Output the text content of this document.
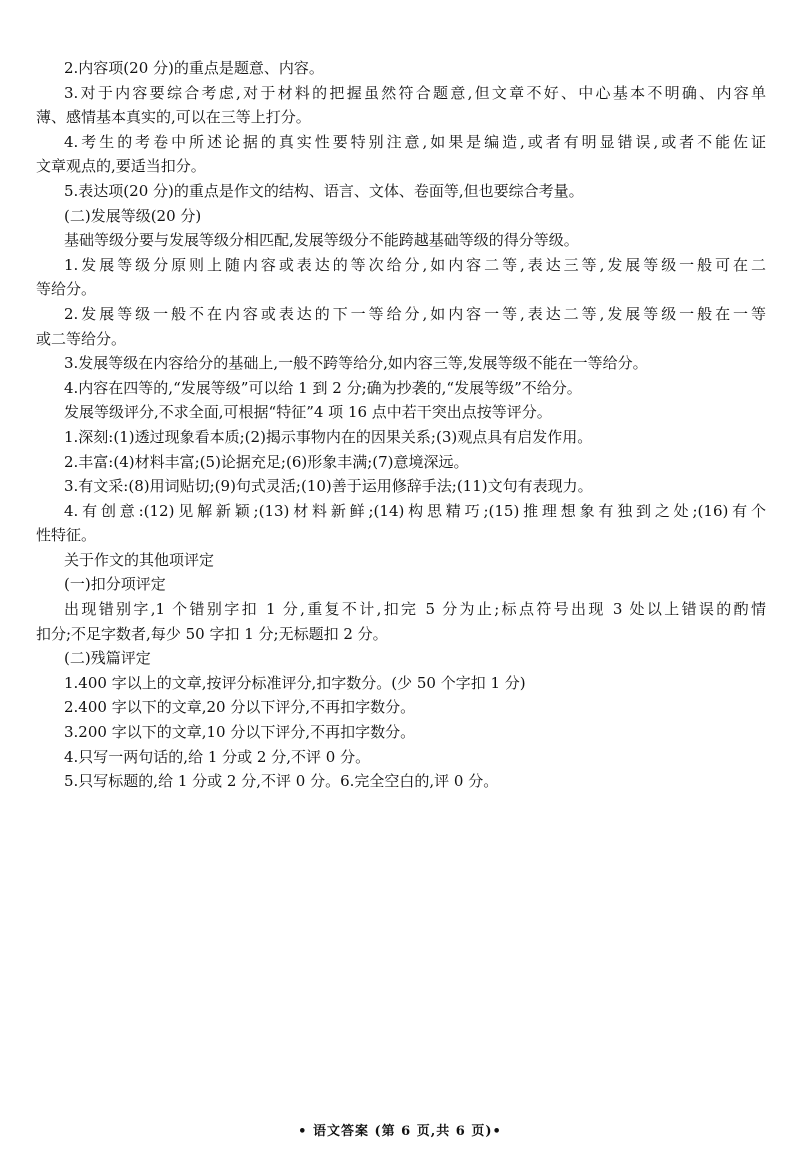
2.内容项(20 分)的重点是题意、内容。
3.对于内容要综合考虑,对于材料的把握虽然符合题意,但文章不好、中心基本不明确、内容单
薄、感情基本真实的,可以在三等上打分。
4.考生的考卷中所述论据的真实性要特别注意,如果是编造,或者有明显错误,或者不能佐证
文章观点的,要适当扣分。
5.表达项(20 分)的重点是作文的结构、语言、文体、卷面等,但也要综合考量。
(二)发展等级(20 分)
基础等级分要与发展等级分相匹配,发展等级分不能跨越基础等级的得分等级。
1.发展等级分原则上随内容或表达的等次给分,如内容二等,表达三等,发展等级一般可在二
等给分。
2.发展等级一般不在内容或表达的下一等给分,如内容一等,表达二等,发展等级一般在一等
或二等给分。
3.发展等级在内容给分的基础上,一般不跨等给分,如内容三等,发展等级不能在一等给分。
4.内容在四等的,“发展等级”可以给 1 到 2 分;确为抄袭的,“发展等级”不给分。
发展等级评分,不求全面,可根据“特征”4 项 16 点中若干突出点按等评分。
1.深刻:(1)透过现象看本质;(2)揭示事物内在的因果关系;(3)观点具有启发作用。
2.丰富:(4)材料丰富;(5)论据充足;(6)形象丰满;(7)意境深远。
3.有文采:(8)用词贴切;(9)句式灵活;(10)善于运用修辞手法;(11)文句有表现力。
4.有创意:(12)见解新颖;(13)材料新鲜;(14)构思精巧;(15)推理想象有独到之处;(16)有个
性特征。
关于作文的其他项评定
(一)扣分项评定
出现错别字,1 个错别字扣 1 分,重复不计,扣完 5 分为止;标点符号出现 3 处以上错误的酌情
扣分;不足字数者,每少 50 字扣 1 分;无标题扣 2 分。
(二)残篇评定
1.400 字以上的文章,按评分标准评分,扣字数分。(少 50 个字扣 1 分)
2.400 字以下的文章,20 分以下评分,不再扣字数分。
3.200 字以下的文章,10 分以下评分,不再扣字数分。
4.只写一两句话的,给 1 分或 2 分,不评 0 分。
5.只写标题的,给 1 分或 2 分,不评 0 分。6.完全空白的,评 0 分。
• 语文答案 (第 6 页,共 6 页)•
